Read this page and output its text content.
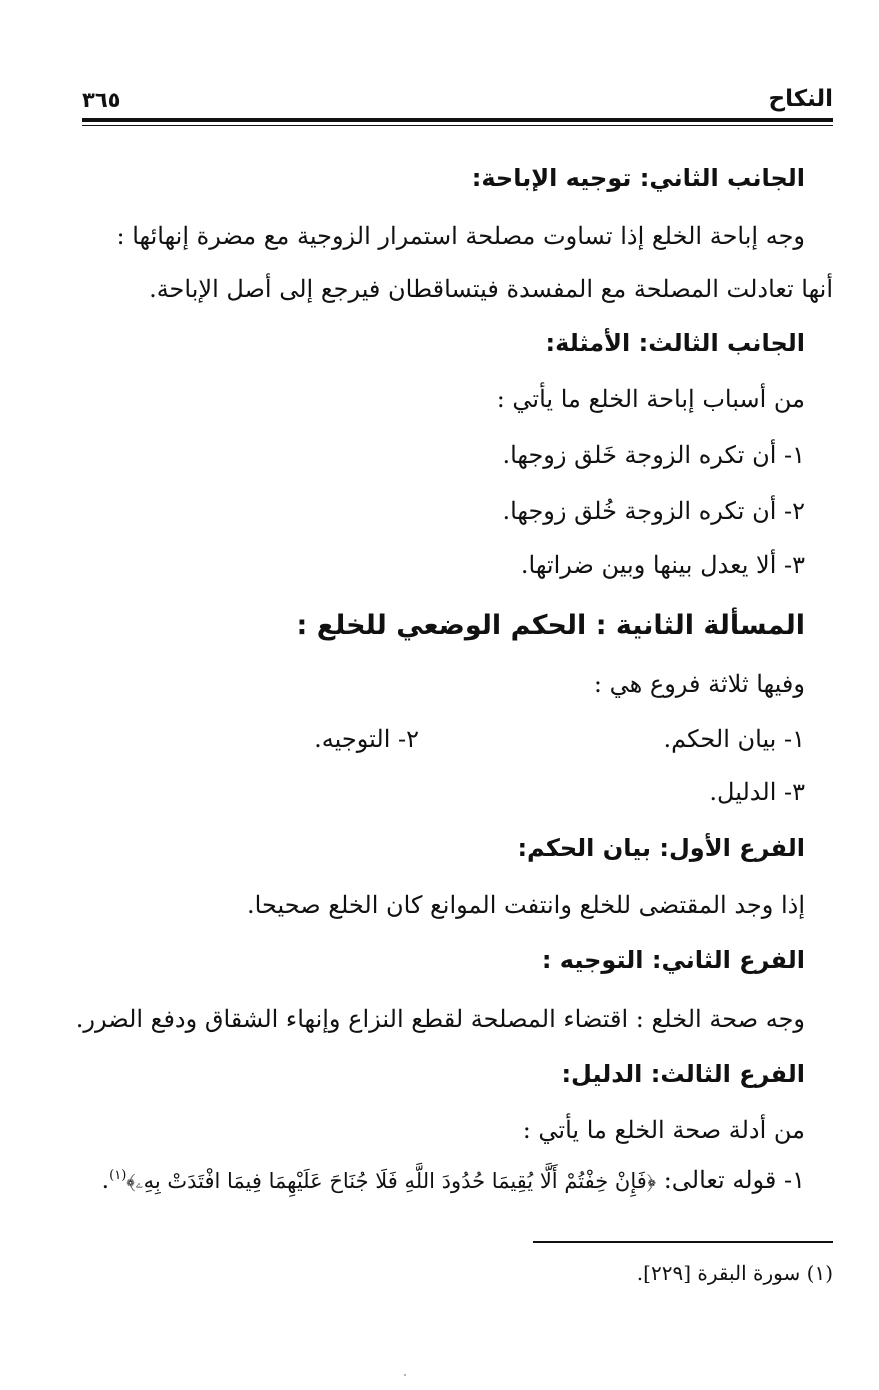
النكاح
٣٦٥
الجانب الثاني: توجيه الإباحة:
وجه إباحة الخلع إذا تساوت مصلحة استمرار الزوجية مع مضرة إنهائها :
أنها تعادلت المصلحة مع المفسدة فيتساقطان فيرجع إلى أصل الإباحة.
الجانب الثالث: الأمثلة:
من أسباب إباحة الخلع ما يأتي :
١- أن تكره الزوجة خَلق زوجها.
٢- أن تكره الزوجة خُلق زوجها.
٣- ألا يعدل بينها وبين ضراتها.
المسألة الثانية : الحكم الوضعي للخلع :
وفيها ثلاثة فروع هي :
١- بيان الحكم.
٢- التوجيه.
٣- الدليل.
الفرع الأول: بيان الحكم:
إذا وجد المقتضى للخلع وانتفت الموانع كان الخلع صحيحا.
الفرع الثاني: التوجيه :
وجه صحة الخلع : اقتضاء المصلحة لقطع النزاع وإنهاء الشقاق ودفع الضرر.
الفرع الثالث: الدليل:
من أدلة صحة الخلع ما يأتي :
١- قوله تعالى: ﴿فَإِنْ خِفْتُمْ أَلَّا يُقِيمَا حُدُودَ اللَّهِ فَلَا جُنَاحَ عَلَيْهِمَا فِيمَا افْتَدَتْ بِهِۦ﴾$^{(١)}$.
(١) سورة البقرة [٢٢٩].
